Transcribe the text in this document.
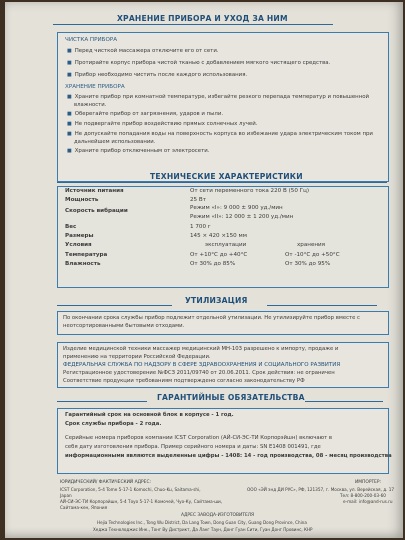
ХРАНЕНИЕ ПРИБОРА И УХОД ЗА НИМ
ЧИСТКА ПРИБОРА
■ Перед чисткой массажера отключите его от сети.
■ Протирайте корпус прибора чистой тканью с добавлением мягкого чистящего средства.
■ Прибор необходимо чистить после каждого использования.
ХРАНЕНИЕ ПРИБОРА
■ Храните прибор при комнатной температуре, избегайте резкого перепада температур и повышенной
влажности.
■ Оберегайте прибор от загрязнения, ударов и пыли.
■ Не подвергайте прибор воздействию прямых солнечных лучей.
■ Не допускайте попадания воды на поверхность корпуса во избежание удара электрическим током при
дальнейшем использовании.
■ Храните прибор отключенным от электросети.
ТЕХНИЧЕСКИЕ ХАРАКТЕРИСТИКИ
Источник питания	От сети переменного тока 220 В (50 Гц)
Мощность	25 Вт
Скорость вибрации	Режим «I»: 9 000 ± 900 уд./мин
Режим «II»: 12 000 ± 1 200 уд./мин
Вес	1 700 г
Размеры	145 × 420 ×150 мм
Условия	эксплуатации	хранения
Температура	От +10°С до +40°С	От -10°С до +50°С
Влажность	От 30% до 85%	От 30% до 95%
УТИЛИЗАЦИЯ
По окончании срока службы прибор подлежит отдельной утилизации. Не утилизируйте прибор вместе с
неотсортированными бытовыми отходами.
Изделие медицинской техники массажер медицинский МН-103 разрешено к импорту, продаже и
применению на территории Российской Федерации.
ФЕДЕРАЛЬНАЯ СЛУЖБА ПО НАДЗОРУ В СФЕРЕ ЗДРАВООХРАНЕНИЯ И СОЦИАЛЬНОГО РАЗВИТИЯ
Регистрационное удостоверение №ФСЗ 2011/09740 от 20.06.2011. Срок действия: не ограничен
Соответствие продукции требованиям подтверждено согласно законодательству РФ
ГАРАНТИЙНЫЕ ОБЯЗАТЕЛЬСТВА
Гарантийный срок на основной блок в корпусе - 1 год.
Срок службы прибора - 2 года.
Серийные номера приборов компании ICST Corporation (АЙ-СИ-ЭС-ТИ Корпорэйшн) включают в
себя дату изготовления прибора. Пример серийного номера и даты: SN E1408 001491, где
информационными являются выделенные цифры - 1408: 14 - год производства, 08 - месяц производства
ЮРИДИЧЕСКИЙ/ ФАКТИЧЕСКИЙ АДРЕС:
ICST Corporation, 5-4 Tome 5-17-1 Komochi, Chuo-Ku, Saitama-shi,
Japan
АЙ-СИ-ЭС-ТИ Корпорэйшн, 5-4 Тоуо 5-17-1 Комочей, Чуо-Ку, Сайтама-ши,
Сайтама-кен, Япония
ИМПОРТЕР:
ООО «ЭЙ энд ДИ РУС», РФ, 121357, г. Москва, ул. Верейская, д. 17
Тел: 8-800-200-03-60
e-mail: info@and-rus.ru
АДРЕС ЗАВОДА-ИЗГОТОВИТЕЛЯ
Hejia Technologies Inc., Tong Wu District, Da Lang Town, Dong Guan City, Guang Dong Province, China
Хеджа Технолоджис Инк., Тонг Ву Дистрикт, Да Ланг Таун, Донг Гуан Сити, Гуан Донг Провинс, КНР
